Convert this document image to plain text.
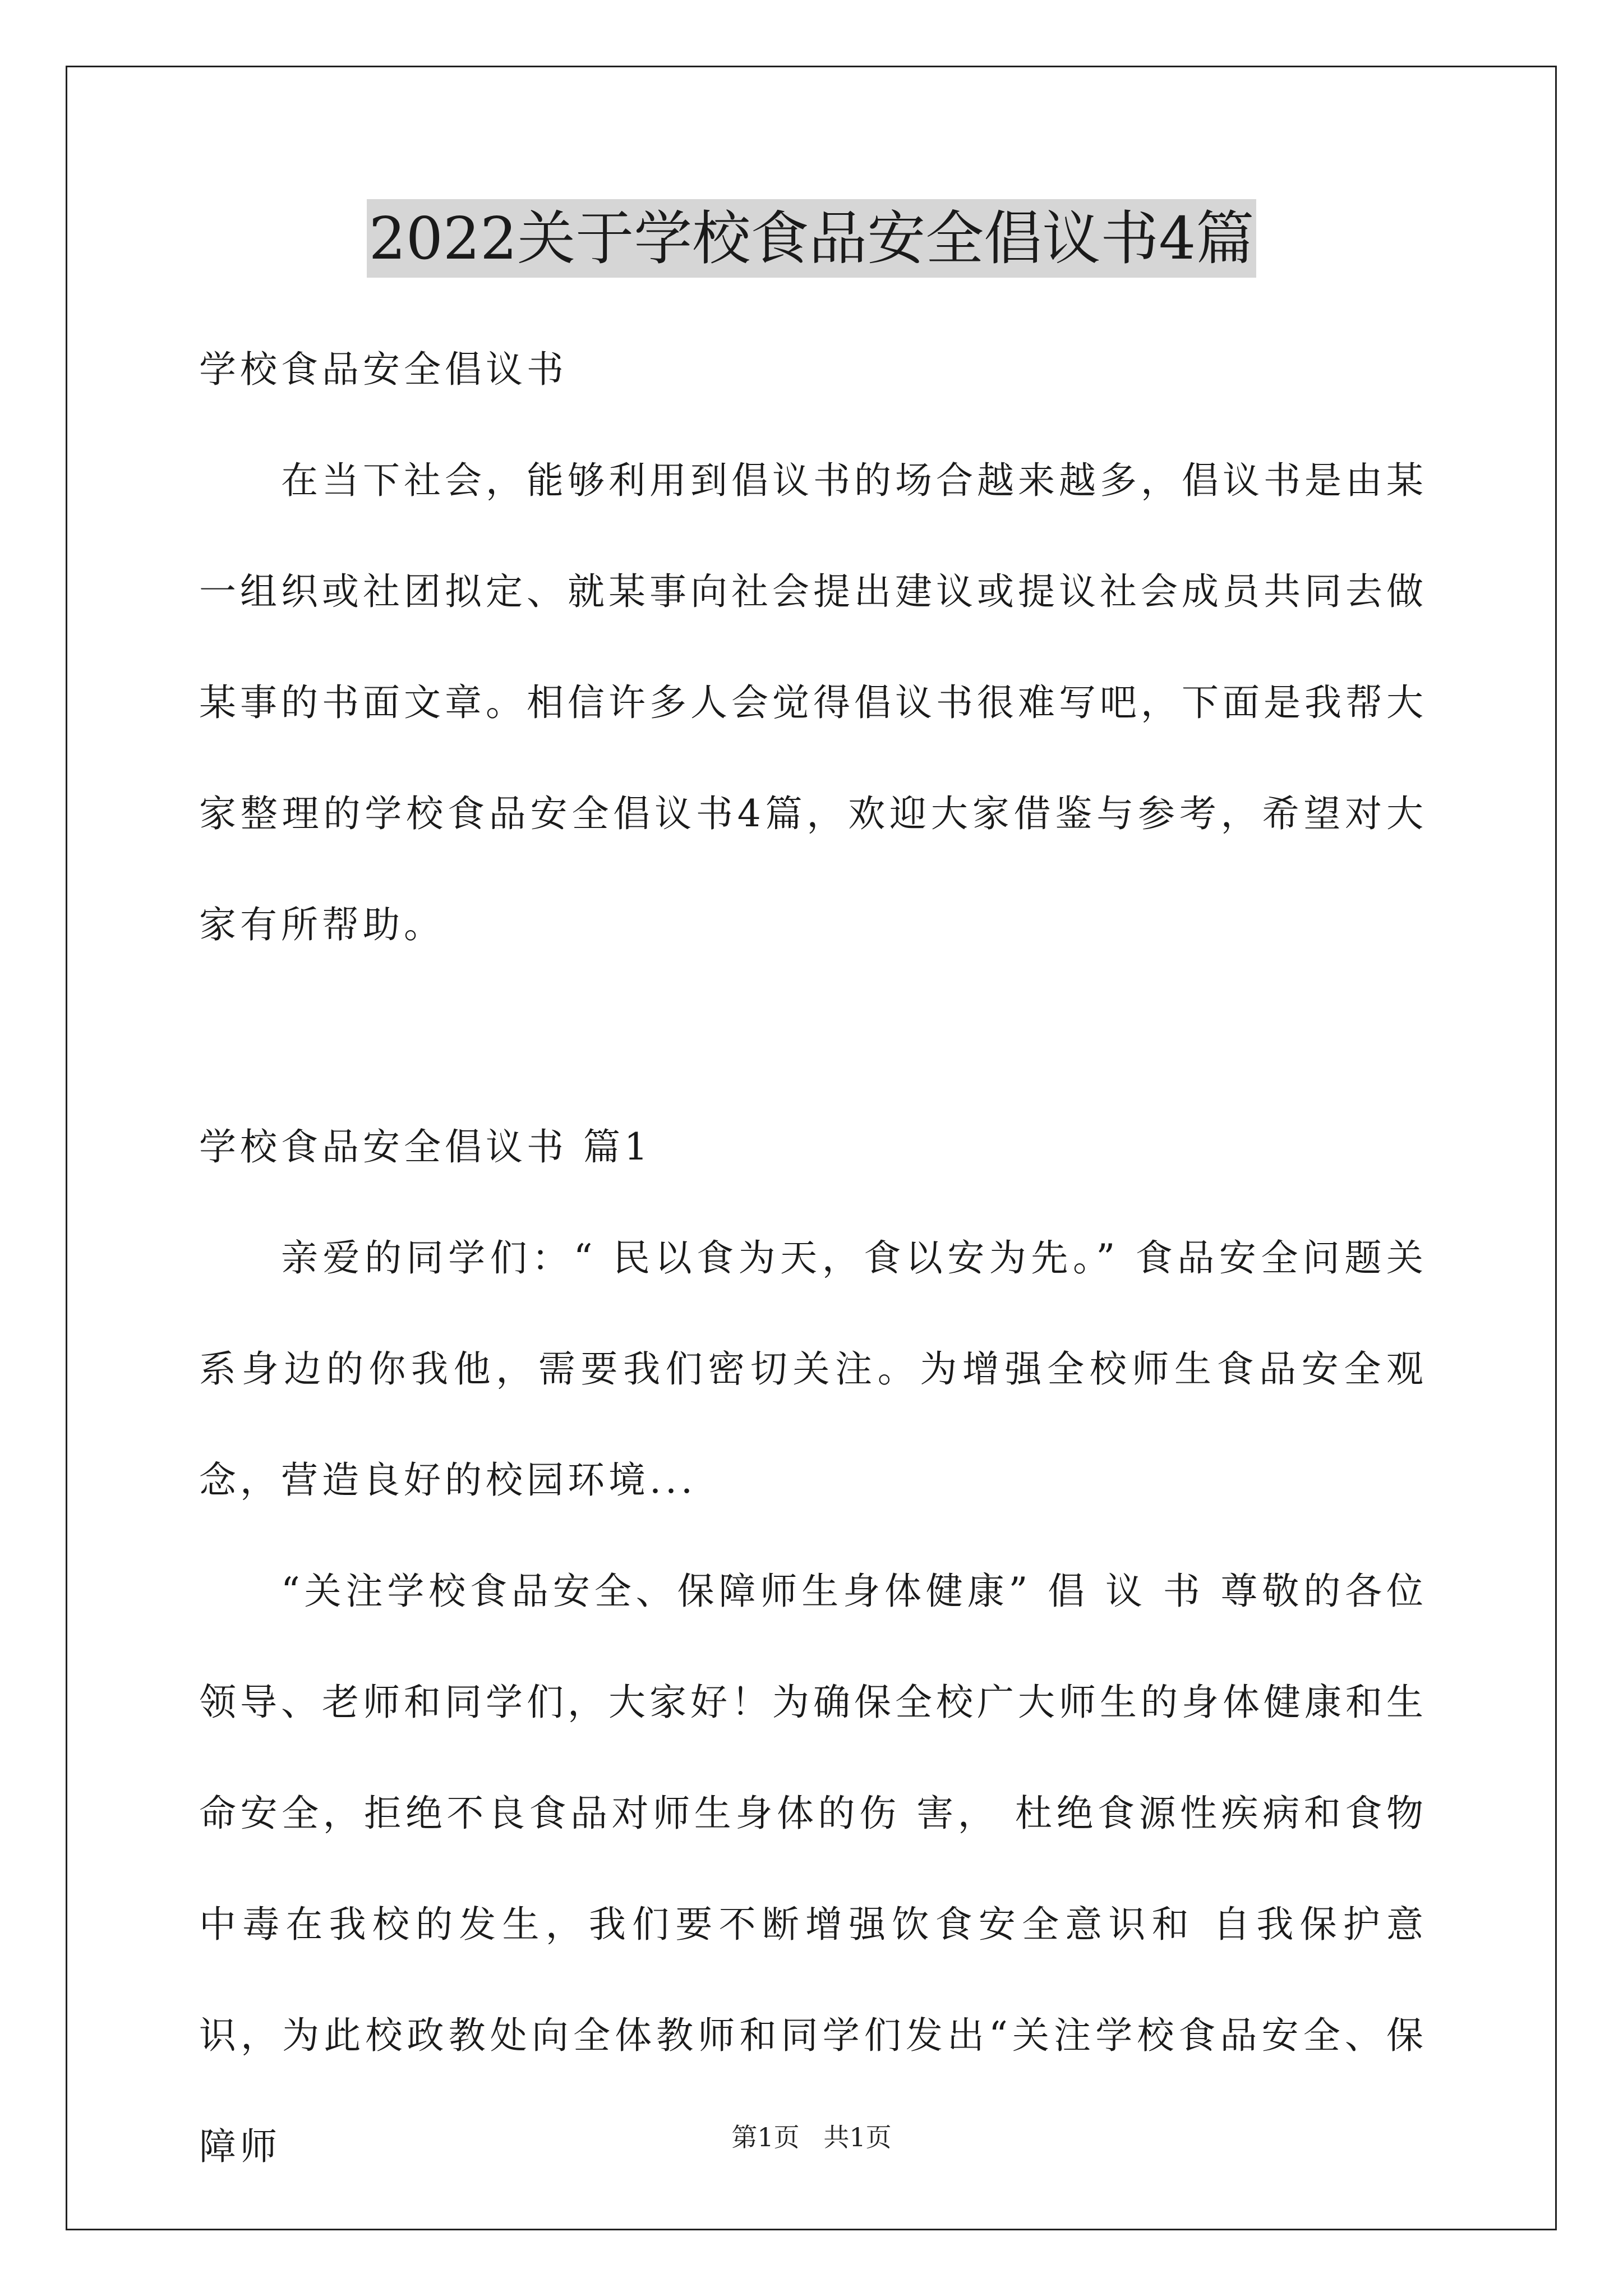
2022关于学校食品安全倡议书4篇

学校食品安全倡议书

在当下社会，能够利用到倡议书的场合越来越多，倡议书是由某一组织或社团拟定、就某事向社会提出建议或提议社会成员共同去做某事的书面文章。相信许多人会觉得倡议书很难写吧，下面是我帮大家整理的学校食品安全倡议书4篇，欢迎大家借鉴与参考，希望对大家有所帮助。

学校食品安全倡议书 篇1

亲爱的同学们：“ 民以食为天，食以安为先。” 食品安全问题关系身边的你我他，需要我们密切关注。为增强全校师生食品安全观念，营造良好的校园环境...

“关注学校食品安全、保障师生身体健康” 倡 议 书 尊敬的各位领导、老师和同学们，大家好！为确保全校广大师生的身体健康和生命安全，拒绝不良食品对师生身体的伤 害， 杜绝食源性疾病和食物中毒在我校的发生，我们要不断增强饮食安全意识和 自我保护意识，为此校政教处向全体教师和同学们发出“关注学校食品安全、保 障师	第1页 共1页
